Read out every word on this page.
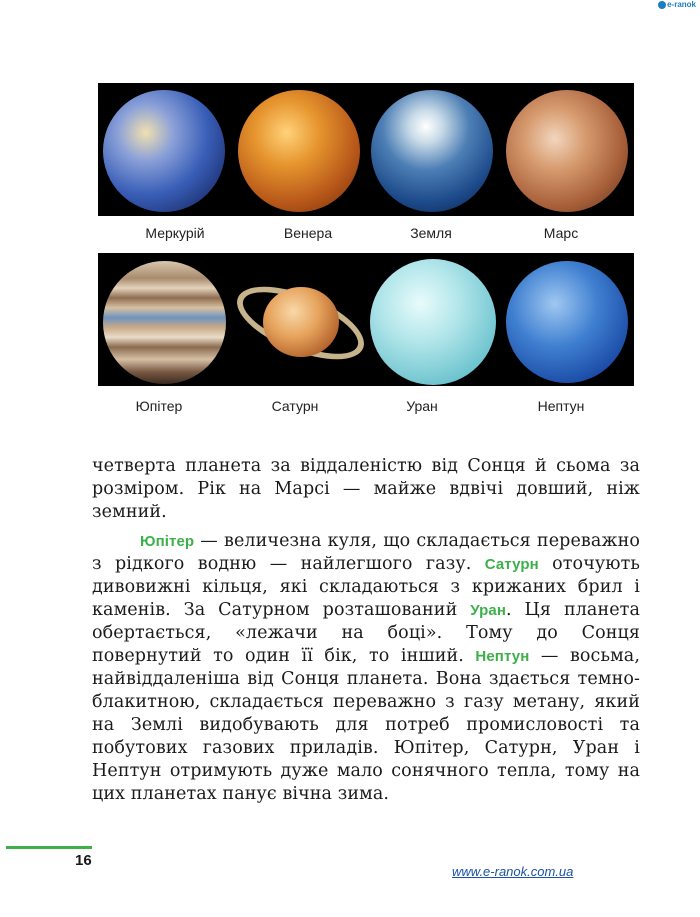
e-ranok
Меркурій	Венера	Земля	Марс
Юпітер	Сатурн	Уран	Нептун

четверта планета за віддаленістю від Сонця й сьома за розміром. Рік на Марсі — майже вдвічі довший, ніж земний.

Юпітер — величезна куля, що складається переважно з рідкого водню — найлегшого газу. Сатурн оточують дивовижні кільця, які складаються з крижаних брил і каменів. За Сатурном розташований Уран. Ця планета обертається, «лежачи на боці». Тому до Сонця повернутий то один її бік, то інший. Нептун — восьма, найвіддаленіша від Сонця планета. Вона здається темно-блакитною, складається переважно з газу метану, який на Землі видобувають для потреб промисловості та побутових газових приладів. Юпітер, Сатурн, Уран і Нептун отримують дуже мало сонячного тепла, тому на цих планетах панує вічна зима.

16
www.e-ranok.com.ua
